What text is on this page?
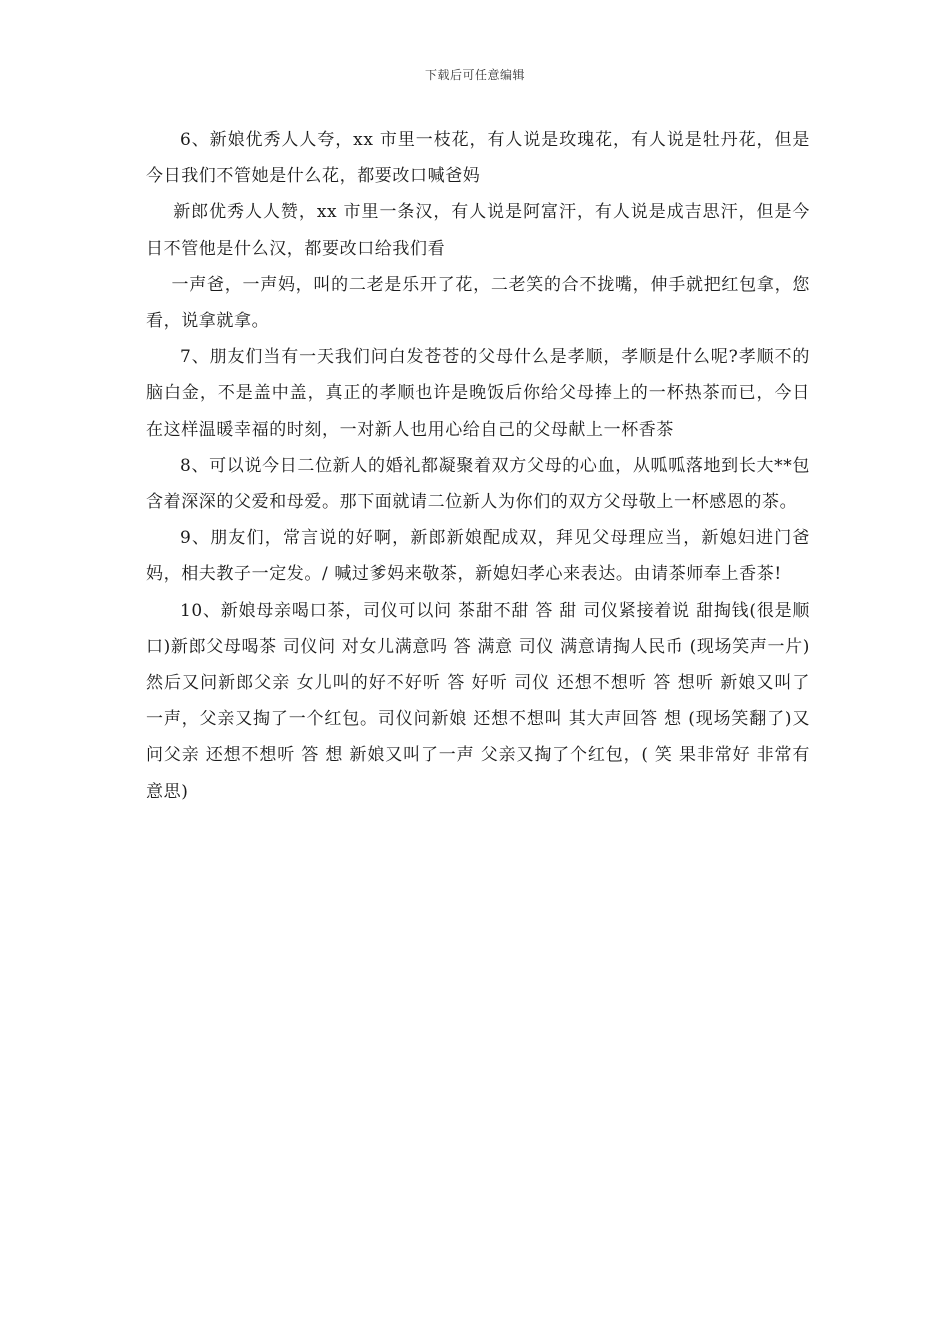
下载后可任意编辑

6、新娘优秀人人夸，xx 市里一枝花，有人说是玫瑰花，有人说是牡丹花，但是今日我们不管她是什么花，都要改口喊爸妈

新郎优秀人人赞，xx 市里一条汉，有人说是阿富汗，有人说是成吉思汗，但是今日不管他是什么汉，都要改口给我们看

一声爸，一声妈，叫的二老是乐开了花，二老笑的合不拢嘴，伸手就把红包拿，您看，说拿就拿。

7、朋友们当有一天我们问白发苍苍的父母什么是孝顺，孝顺是什么呢?孝顺不的脑白金，不是盖中盖，真正的孝顺也许是晚饭后你给父母捧上的一杯热茶而已，今日在这样温暖幸福的时刻，一对新人也用心给自己的父母献上一杯香茶

8、可以说今日二位新人的婚礼都凝聚着双方父母的心血，从呱呱落地到长大**包含着深深的父爱和母爱。那下面就请二位新人为你们的双方父母敬上一杯感恩的茶。

9、朋友们，常言说的好啊，新郎新娘配成双，拜见父母理应当，新媳妇进门爸妈，相夫教子一定发。/ 喊过爹妈来敬茶，新媳妇孝心来表达。由请茶师奉上香茶!

10、新娘母亲喝口茶，司仪可以问 茶甜不甜 答 甜 司仪紧接着说 甜掏钱(很是顺口)新郎父母喝茶 司仪问 对女儿满意吗 答 满意 司仪 满意请掏人民币 (现场笑声一片) 然后又问新郎父亲 女儿叫的好不好听 答 好听 司仪 还想不想听 答 想听 新娘又叫了一声，父亲又掏了一个红包。司仪问新娘 还想不想叫 其大声回答 想 (现场笑翻了)又问父亲 还想不想听 答 想 新娘又叫了一声 父亲又掏了个红包，( 笑 果非常好 非常有意思)
